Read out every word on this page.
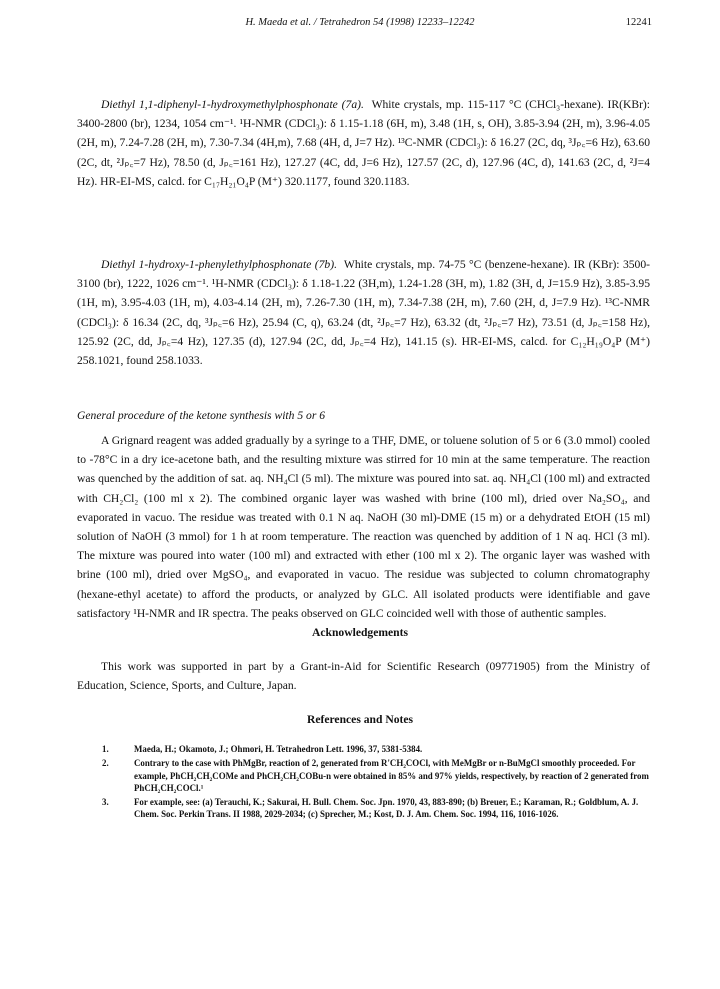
H. Maeda et al. / Tetrahedron 54 (1998) 12233–12242	12241

Diethyl 1,1-diphenyl-1-hydroxymethylphosphonate (7a). White crystals, mp. 115-117 °C (CHCl₃-hexane). IR(KBr): 3400-2800 (br), 1234, 1054 cm⁻¹. ¹H-NMR (CDCl₃): δ 1.15-1.18 (6H, m), 3.48 (1H, s, OH), 3.85-3.94 (2H, m), 3.96-4.05 (2H, m), 7.24-7.28 (2H, m), 7.30-7.34 (4H,m), 7.68 (4H, d, J=7 Hz). ¹³C-NMR (CDCl₃): δ 16.27 (2C, dq, ³Jₚ꜀=6 Hz), 63.60 (2C, dt, ²Jₚ꜀=7 Hz), 78.50 (d, Jₚ꜀=161 Hz), 127.27 (4C, dd, J=6 Hz), 127.57 (2C, d), 127.96 (4C, d), 141.63 (2C, d, ²J=4 Hz). HR-EI-MS, calcd. for C₁₇H₂₁O₄P (M⁺) 320.1177, found 320.1183.

Diethyl 1-hydroxy-1-phenylethylphosphonate (7b). White crystals, mp. 74-75 °C (benzene-hexane). IR (KBr): 3500-3100 (br), 1222, 1026 cm⁻¹. ¹H-NMR (CDCl₃): δ 1.18-1.22 (3H,m), 1.24-1.28 (3H, m), 1.82 (3H, d, J=15.9 Hz), 3.85-3.95 (1H, m), 3.95-4.03 (1H, m), 4.03-4.14 (2H, m), 7.26-7.30 (1H, m), 7.34-7.38 (2H, m), 7.60 (2H, d, J=7.9 Hz). ¹³C-NMR (CDCl₃): δ 16.34 (2C, dq, ³Jₚ꜀=6 Hz), 25.94 (C, q), 63.24 (dt, ²Jₚ꜀=7 Hz), 63.32 (dt, ²Jₚ꜀=7 Hz), 73.51 (d, Jₚ꜀=158 Hz), 125.92 (2C, dd, Jₚ꜀=4 Hz), 127.35 (d), 127.94 (2C, dd, Jₚ꜀=4 Hz), 141.15 (s). HR-EI-MS, calcd. for C₁₂H₁₉O₄P (M⁺) 258.1021, found 258.1033.

General procedure of the ketone synthesis with 5 or 6

A Grignard reagent was added gradually by a syringe to a THF, DME, or toluene solution of 5 or 6 (3.0 mmol) cooled to -78°C in a dry ice-acetone bath, and the resulting mixture was stirred for 10 min at the same temperature. The reaction was quenched by the addition of sat. aq. NH₄Cl (5 ml). The mixture was poured into sat. aq. NH₄Cl (100 ml) and extracted with CH₂Cl₂ (100 ml x 2). The combined organic layer was washed with brine (100 ml), dried over Na₂SO₄, and evaporated in vacuo. The residue was treated with 0.1 N aq. NaOH (30 ml)-DME (15 m) or a dehydrated EtOH (15 ml) solution of NaOH (3 mmol) for 1 h at room temperature. The reaction was quenched by addition of 1 N aq. HCl (3 ml). The mixture was poured into water (100 ml) and extracted with ether (100 ml x 2). The organic layer was washed with brine (100 ml), dried over MgSO₄, and evaporated in vacuo. The residue was subjected to column chromatography (hexane-ethyl acetate) to afford the products, or analyzed by GLC. All isolated products were identifiable and gave satisfactory ¹H-NMR and IR spectra. The peaks observed on GLC coincided well with those of authentic samples.

Acknowledgements

This work was supported in part by a Grant-in-Aid for Scientific Research (09771905) from the Ministry of Education, Science, Sports, and Culture, Japan.

References and Notes
1.	Maeda, H.; Okamoto, J.; Ohmori, H. Tetrahedron Lett. 1996, 37, 5381-5384.
2.	Contrary to the case with PhMgBr, reaction of 2, generated from R'CH₂COCl, with MeMgBr or n-BuMgCl smoothly proceeded. For example, PhCH₂CH₂COMe and PhCH₂CH₂COBu-n were obtained in 85% and 97% yields, respectively, by reaction of 2 generated from PhCH₂CH₂COCl.¹
3.	For example, see: (a) Terauchi, K.; Sakurai, H. Bull. Chem. Soc. Jpn. 1970, 43, 883-890; (b) Breuer, E.; Karaman, R.; Goldblum, A. J. Chem. Soc. Perkin Trans. II 1988, 2029-2034; (c) Sprecher, M.; Kost, D. J. Am. Chem. Soc. 1994, 116, 1016-1026.
